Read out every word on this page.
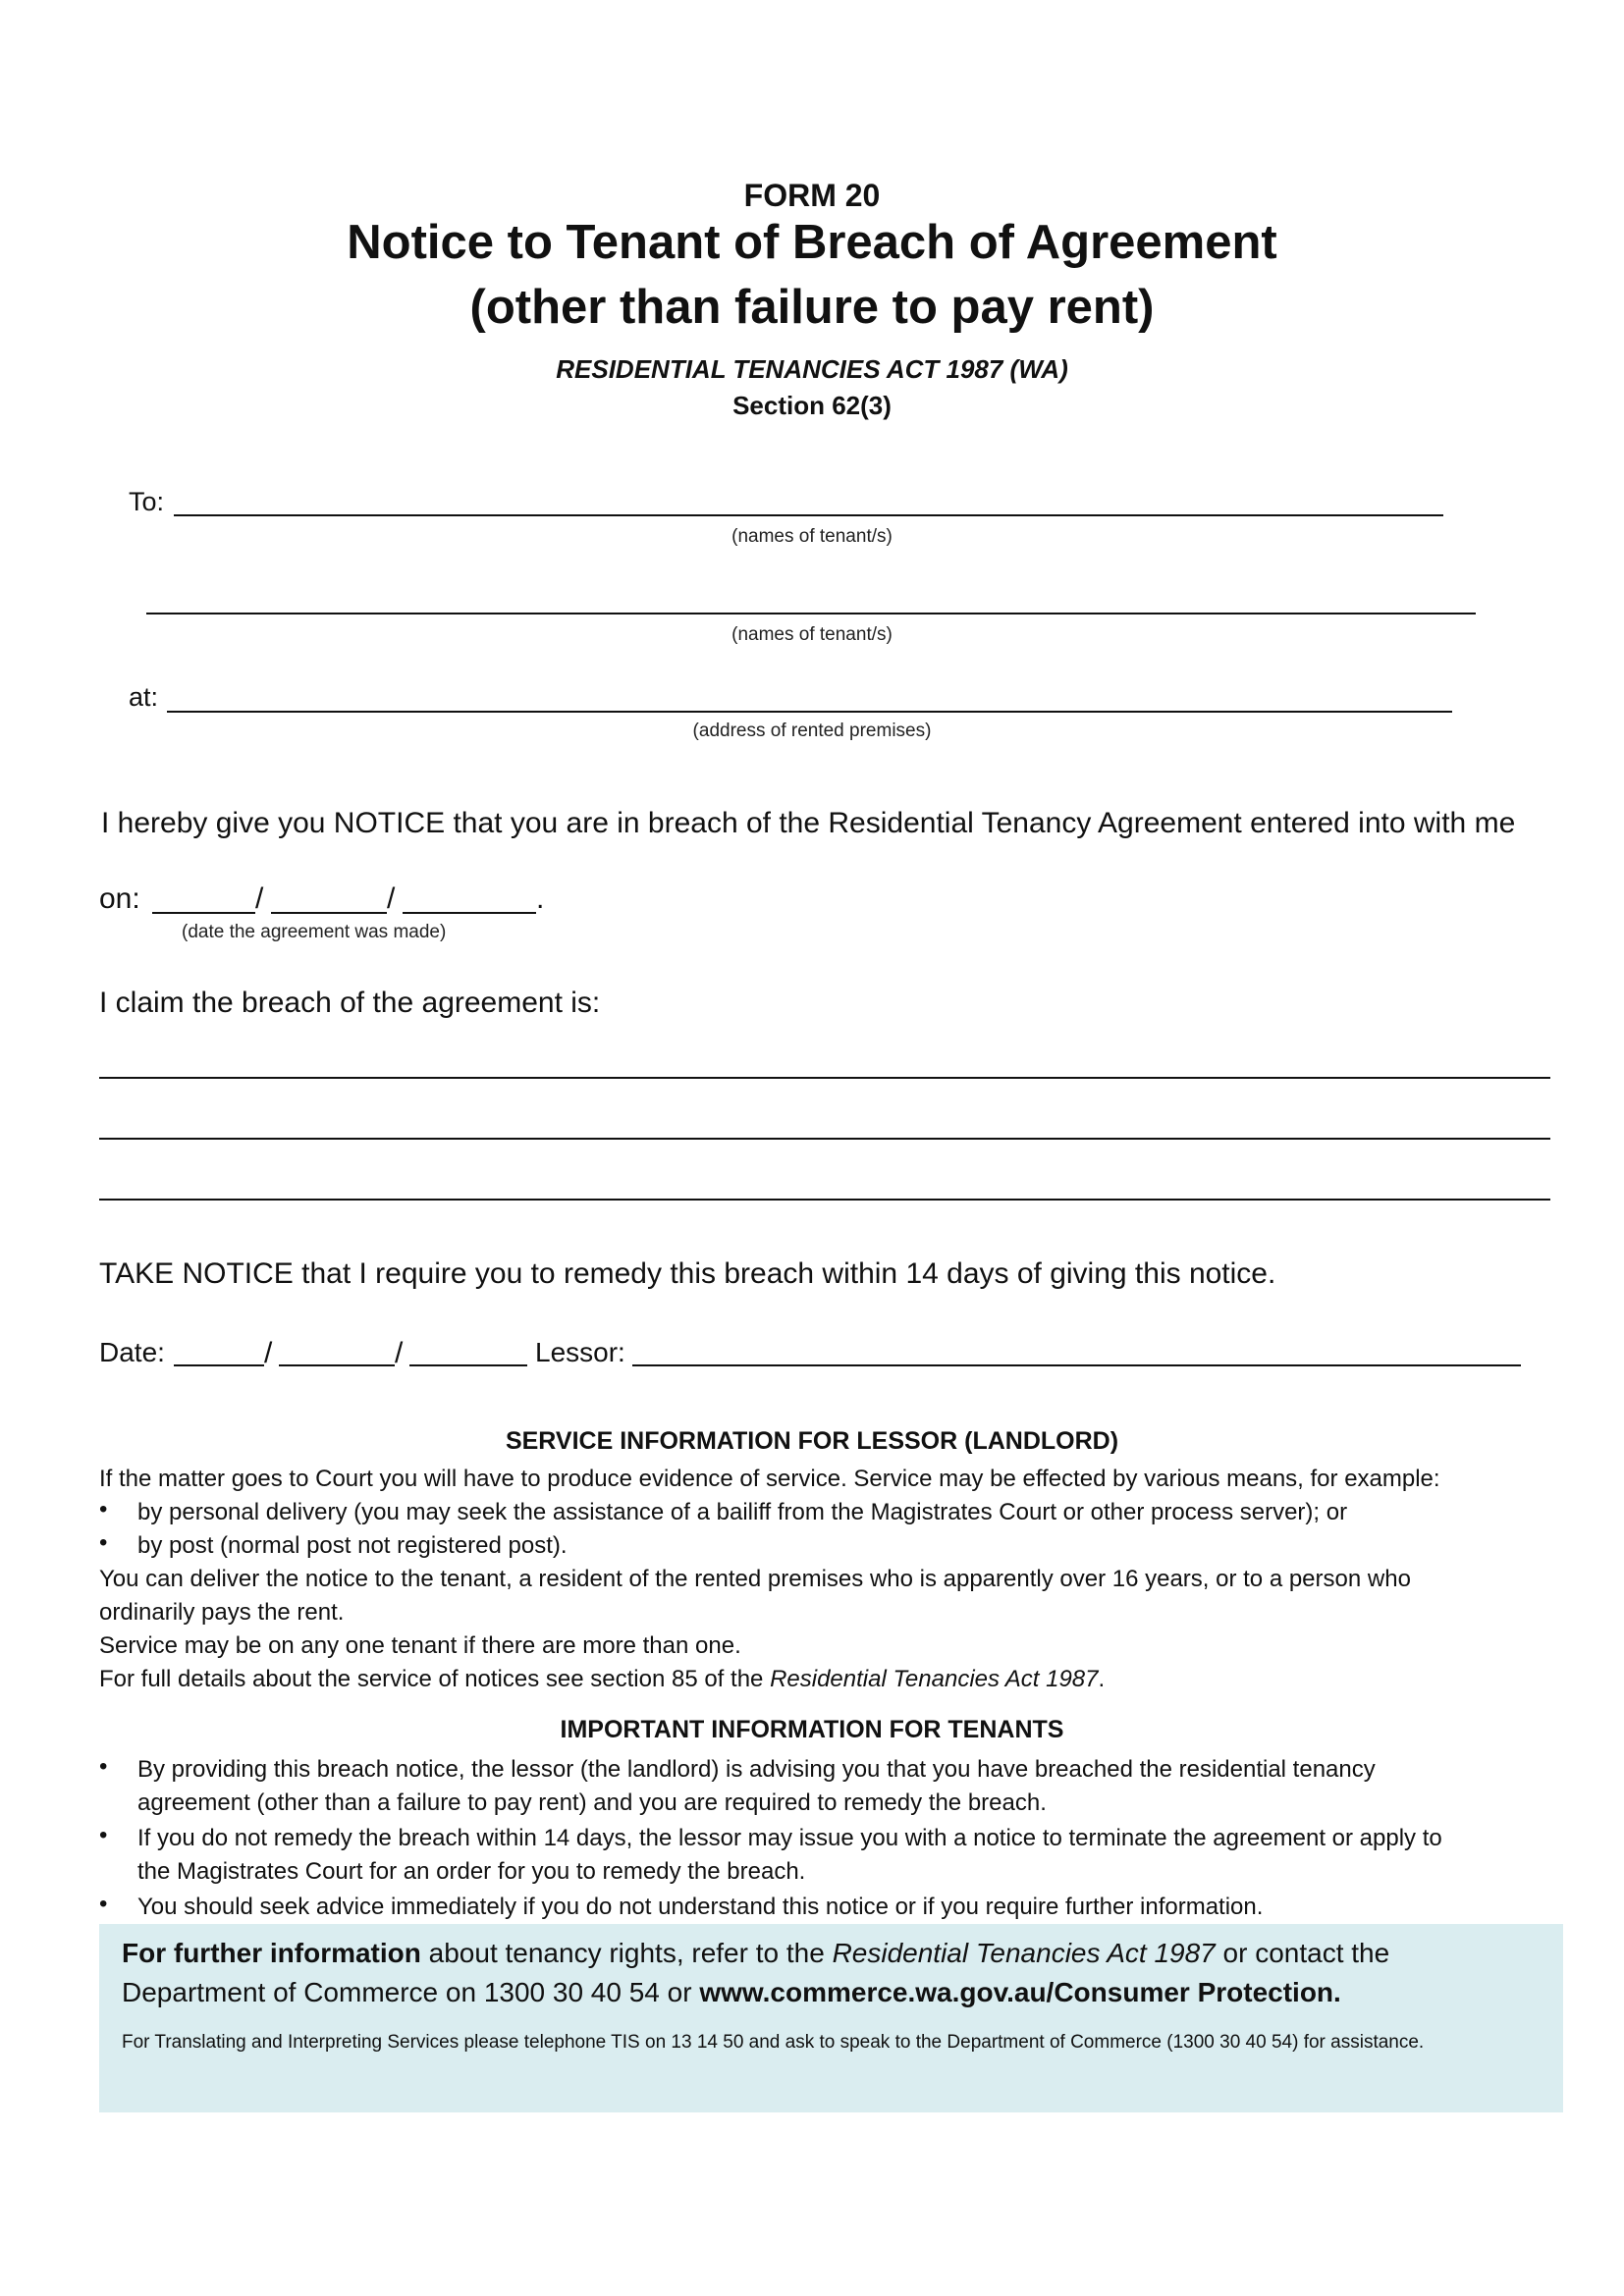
FORM 20
Notice to Tenant of Breach of Agreement
(other than failure to pay rent)
RESIDENTIAL TENANCIES ACT 1987 (WA)
Section 62(3)
To:
(names of tenant/s)
(names of tenant/s)
at:
(address of rented premises)
I hereby give you NOTICE that you are in breach of the Residential Tenancy Agreement entered into with me
on:	/	/	.
(date the agreement was made)
I claim the breach of the agreement is:
TAKE NOTICE that I require you to remedy this breach within 14 days of giving this notice.
Date:	/	/	Lessor:
SERVICE INFORMATION FOR LESSOR (LANDLORD)
If the matter goes to Court you will have to produce evidence of service. Service may be effected by various means, for example:
• by personal delivery (you may seek the assistance of a bailiff from the Magistrates Court or other process server); or
• by post (normal post not registered post).
You can deliver the notice to the tenant, a resident of the rented premises who is apparently over 16 years, or to a person who
ordinarily pays the rent.
Service may be on any one tenant if there are more than one.
For full details about the service of notices see section 85 of the Residential Tenancies Act 1987.
IMPORTANT INFORMATION FOR TENANTS
• By providing this breach notice, the lessor (the landlord) is advising you that you have breached the residential tenancy
agreement (other than a failure to pay rent) and you are required to remedy the breach.
• If you do not remedy the breach within 14 days, the lessor may issue you with a notice to terminate the agreement or apply to
the Magistrates Court for an order for you to remedy the breach.
• You should seek advice immediately if you do not understand this notice or if you require further information.
For further information about tenancy rights, refer to the Residential Tenancies Act 1987 or contact the
Department of Commerce on 1300 30 40 54 or www.commerce.wa.gov.au/Consumer Protection.
For Translating and Interpreting Services please telephone TIS on 13 14 50 and ask to speak to the Department of Commerce (1300 30 40 54) for assistance.
